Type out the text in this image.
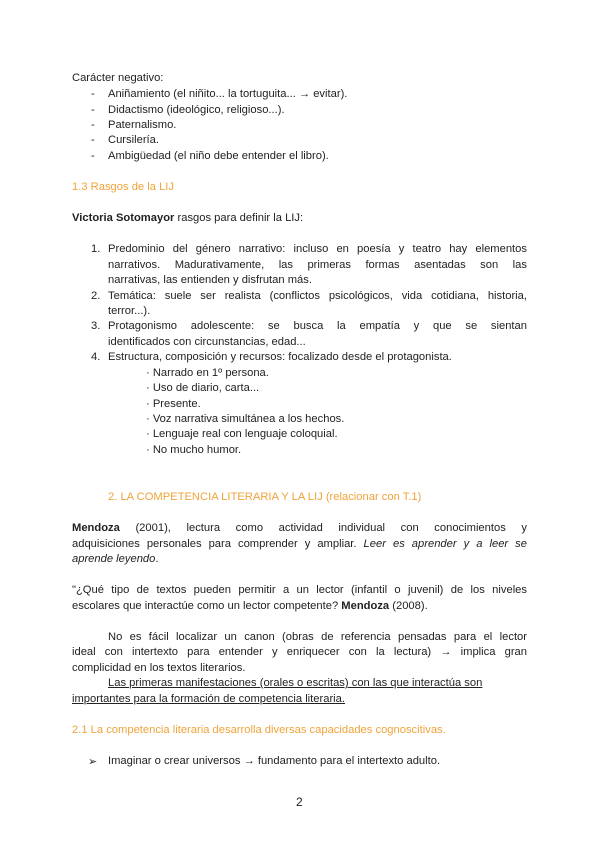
Carácter negativo:
- Aniñamiento (el niñito... la tortuguita... → evitar).
- Didactismo (ideológico, religioso...).
- Paternalismo.
- Cursilería.
- Ambigüedad (el niño debe entender el libro).
1.3 Rasgos de la LIJ
Victoria Sotomayor rasgos para definir la LIJ:
1. Predominio del género narrativo: incluso en poesía y teatro hay elementos
narrativos. Madurativamente, las primeras formas asentadas son las
narrativas, las entienden y disfrutan más.
2. Temática: suele ser realista (conflictos psicológicos, vida cotidiana, historia,
terror...).
3. Protagonismo adolescente: se busca la empatía y que se sientan
identificados con circunstancias, edad...
4. Estructura, composición y recursos: focalizado desde el protagonista.
· Narrado en 1º persona.
· Uso de diario, carta...
· Presente.
· Voz narrativa simultánea a los hechos.
· Lenguaje real con lenguaje coloquial.
· No mucho humor.
2. LA COMPETENCIA LITERARIA Y LA LIJ (relacionar con T.1)
Mendoza (2001), lectura como actividad individual con conocimientos y
adquisiciones personales para comprender y ampliar. Leer es aprender y a leer se
aprende leyendo.
"¿Qué tipo de textos pueden permitir a un lector (infantil o juvenil) de los niveles
escolares que interactúe como un lector competente? Mendoza (2008).
No es fácil localizar un canon (obras de referencia pensadas para el lector
ideal con intertexto para entender y enriquecer con la lectura) → implica gran
complicidad en los textos literarios.
Las primeras manifestaciones (orales o escritas) con las que interactúa son
importantes para la formación de competencia literaria.
2.1 La competencia literaria desarrolla diversas capacidades cognoscitivas.
➢ Imaginar o crear universos → fundamento para el intertexto adulto.
2
